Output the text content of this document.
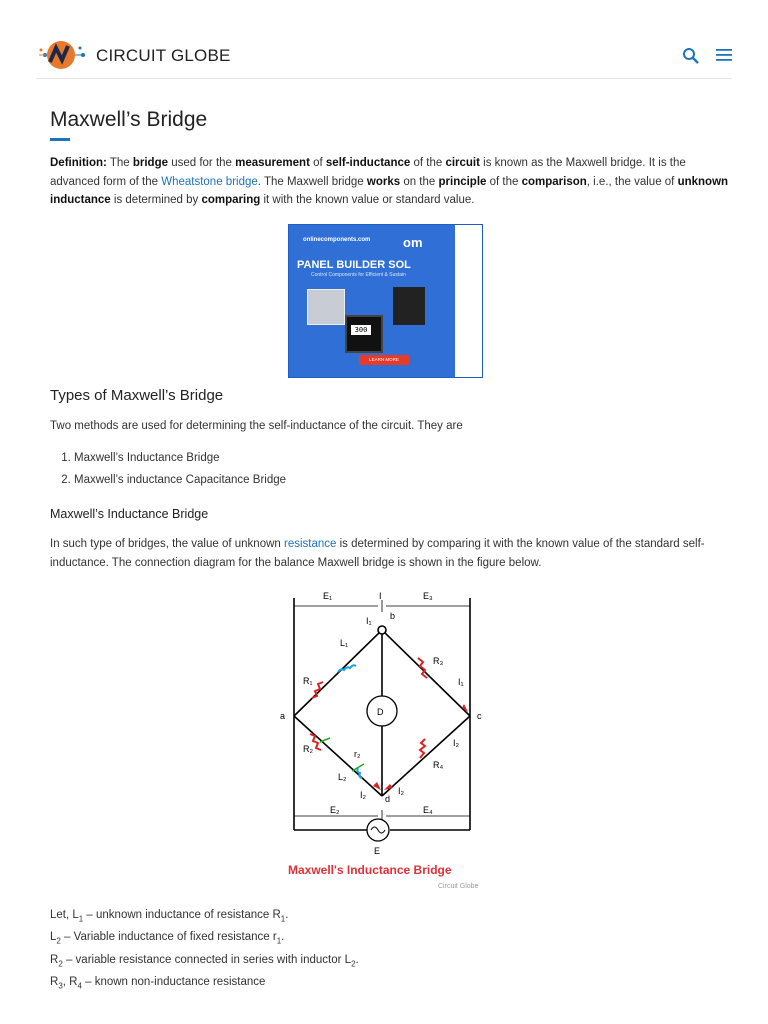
CIRCUIT GLOBE
Maxwell’s Bridge

Definition: The bridge used for the measurement of self-inductance of the circuit is known as the Maxwell bridge. It is the advanced form of the Wheatstone bridge. The Maxwell bridge works on the principle of the comparison, i.e., the value of unknown inductance is determined by comparing it with the known value or standard value.

onlinecomponents.com	om
PANEL BUILDER SOL
Control Components for Efficient & Sustain
300
LEARN MORE
Types of Maxwell’s Bridge

Two methods are used for determining the self-inductance of the circuit. They are

1. Maxwell’s Inductance Bridge
2. Maxwell’s inductance Capacitance Bridge
Maxwell’s Inductance Bridge

In such type of bridges, the value of unknown resistance is determined by comparing it with the known value of the standard self-inductance. The connection diagram for the balance Maxwell bridge is shown in the figure below.

E₁	E₃
I
I₁ b
L₁
R₃
I₁
R₁
a	c
D
I₂
R₂	r₂
R₄
L₂
I₂	I₂
d
E₂	E₄
E
Maxwell's Inductance Bridge
Circuit Globe
Let, $L_1$ – unknown inductance of resistance $R_1$.
$L_2$ – Variable inductance of fixed resistance $r_1$.
$R_2$ – variable resistance connected in series with inductor $L_2$.
$R_3$, $R_4$ – known non-inductance resistance
